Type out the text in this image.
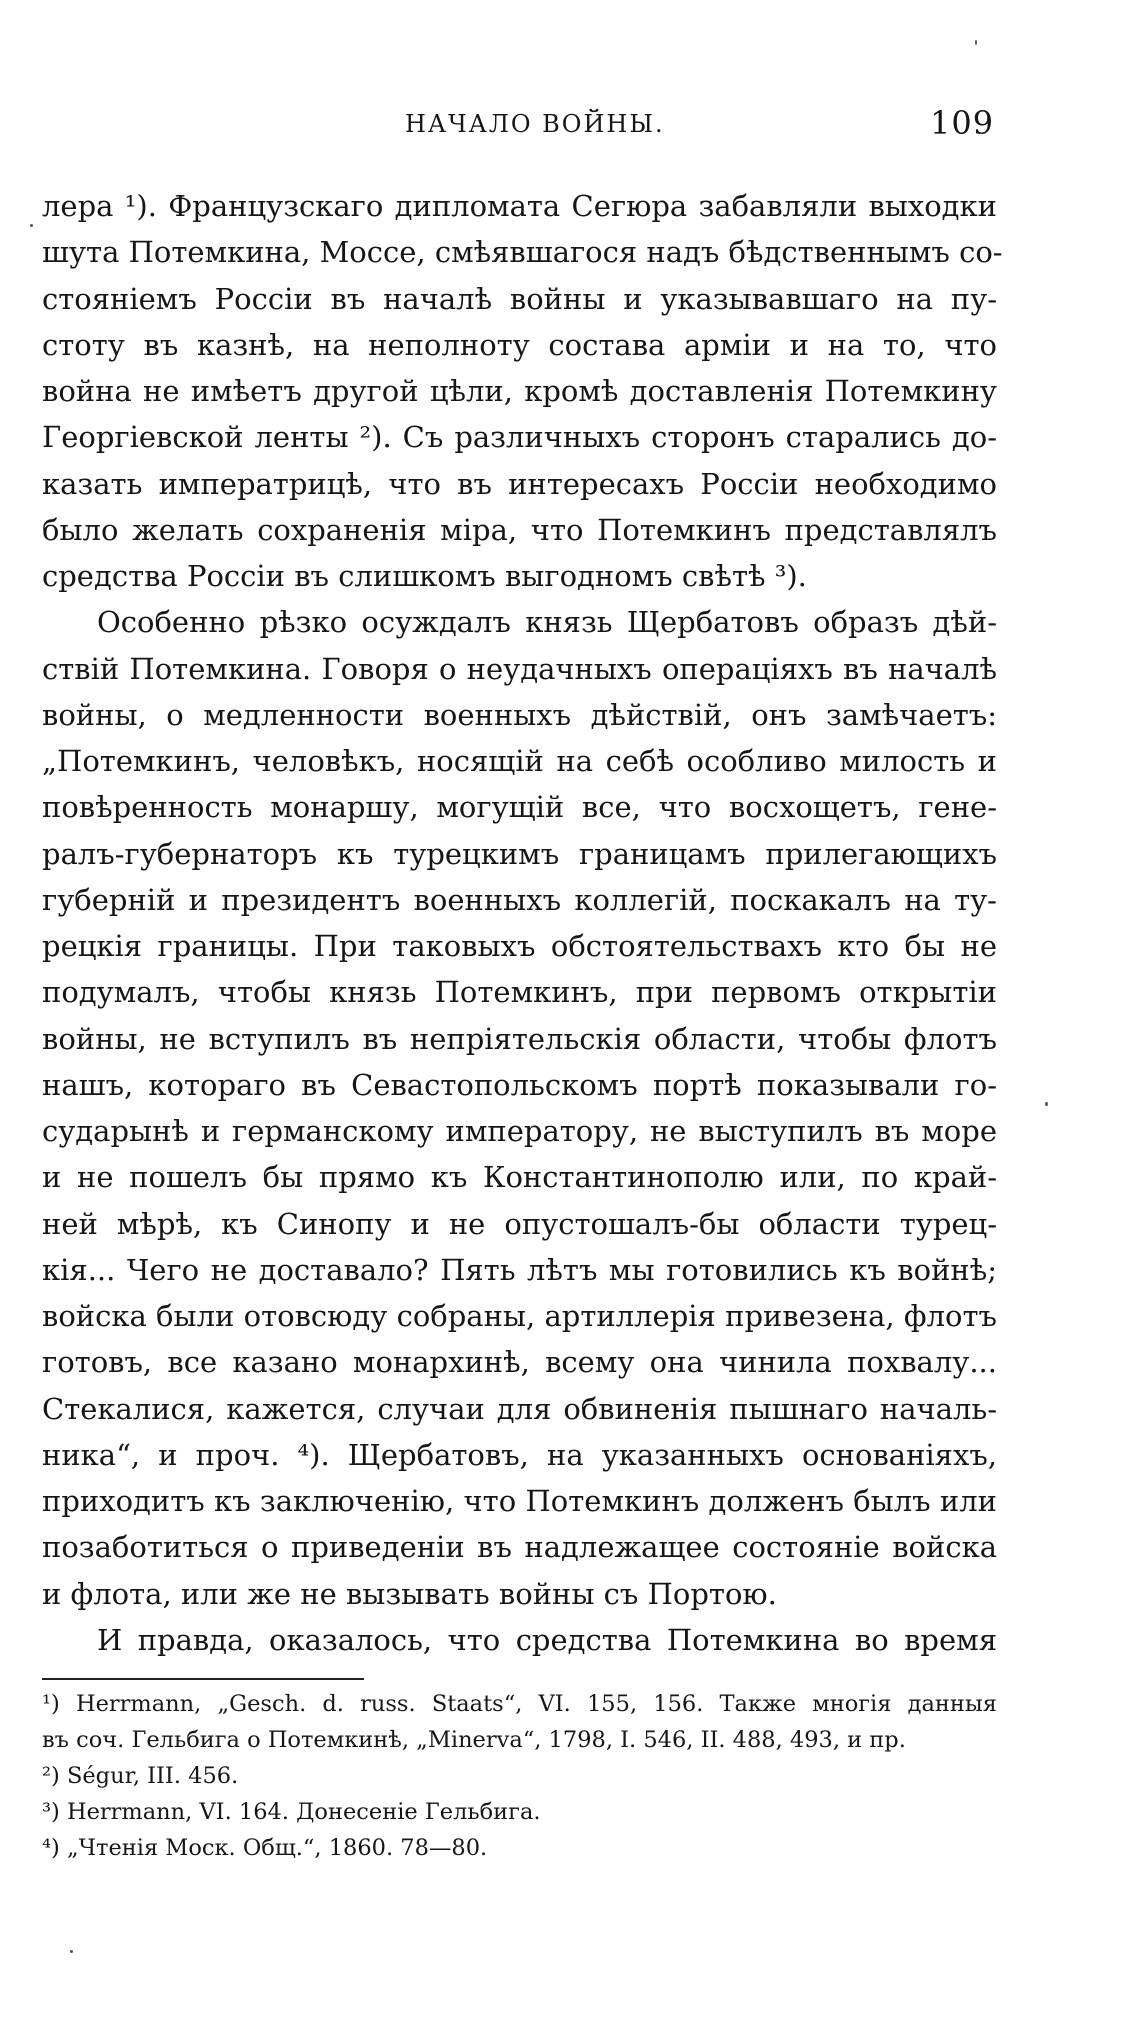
НАЧАЛО ВОЙНЫ.	109
лера ¹). Французскаго дипломата Сегюра забавляли выходки
шута Потемкина, Моссе, смѣявшагося надъ бѣдственнымъ со-
стояніемъ Россіи въ началѣ войны и указывавшаго на пу-
стоту въ казнѣ, на неполноту состава арміи и на то, что
война не имѣетъ другой цѣли, кромѣ доставленія Потемкину
Георгіевской ленты ²). Съ различныхъ сторонъ старались до-
казать императрицѣ, что въ интересахъ Россіи необходимо
было желать сохраненія міра, что Потемкинъ представлялъ
средства Россіи въ слишкомъ выгодномъ свѣтѣ ³).
Особенно рѣзко осуждалъ князь Щербатовъ образъ дѣй-
ствій Потемкина. Говоря о неудачныхъ операціяхъ въ началѣ
войны, о медленности военныхъ дѣйствій, онъ замѣчаетъ:
„Потемкинъ, человѣкъ, носящій на себѣ особливо милость и
повѣренность монаршу, могущій все, что восхощетъ, гене-
ралъ-губернаторъ къ турецкимъ границамъ прилегающихъ
губерній и президентъ военныхъ коллегій, поскакалъ на ту-
рецкія границы. При таковыхъ обстоятельствахъ кто бы не
подумалъ, чтобы князь Потемкинъ, при первомъ открытіи
войны, не вступилъ въ непріятельскія области, чтобы флотъ
нашъ, котораго въ Севастопольскомъ портѣ показывали го-
сударынѣ и германскому императору, не выступилъ въ море
и не пошелъ бы прямо къ Константинополю или, по край-
ней мѣрѣ, къ Синопу и не опустошалъ-бы области турец-
кія... Чего не доставало? Пять лѣтъ мы готовились къ войнѣ;
войска были отовсюду собраны, артиллерія привезена, флотъ
готовъ, все казано монархинѣ, всему она чинила похвалу...
Стекалися, кажется, случаи для обвиненія пышнаго началь-
ника“, и проч. ⁴). Щербатовъ, на указанныхъ основаніяхъ,
приходитъ къ заключенію, что Потемкинъ долженъ былъ или
позаботиться о приведеніи въ надлежащее состояніе войска
и флота, или же не вызывать войны съ Портою.
И правда, оказалось, что средства Потемкина во время
¹) Herrmann, „Gesch. d. russ. Staats“, VI. 155, 156. Также многія данныя
въ соч. Гельбига о Потемкинѣ, „Minerva“, 1798, I. 546, II. 488, 493, и пр.
²) Ségur, III. 456.
³) Herrmann, VI. 164. Донесеніе Гельбига.
⁴) „Чтенія Моск. Общ.“, 1860. 78—80.
